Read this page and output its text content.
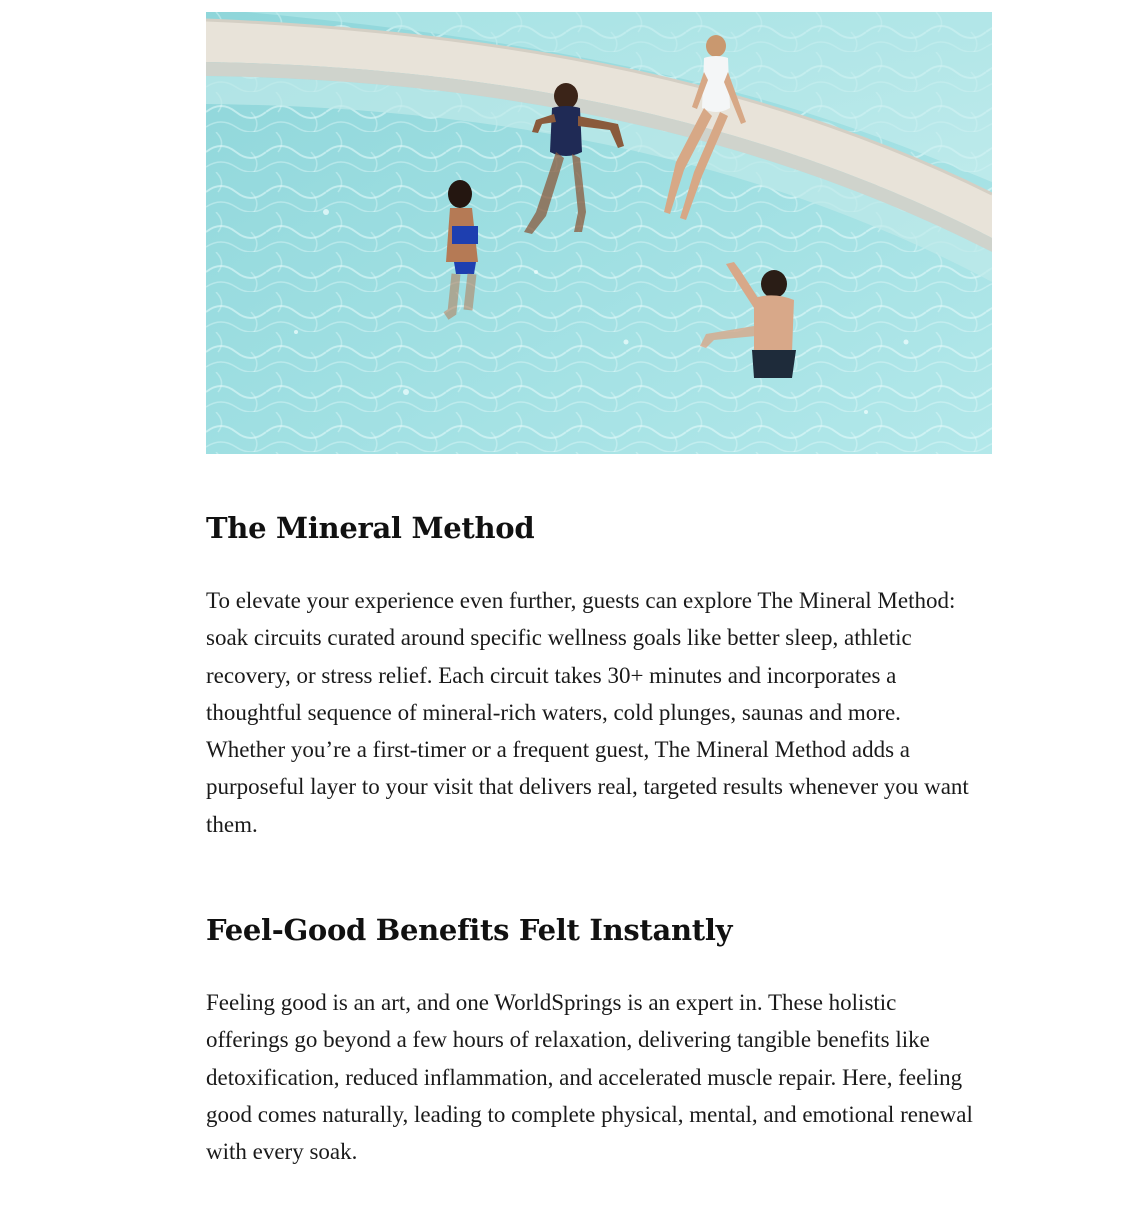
The Mineral Method

To elevate your experience even further, guests can explore The Mineral Method: soak circuits curated around specific wellness goals like better sleep, athletic recovery, or stress relief. Each circuit takes 30+ minutes and incorporates a thoughtful sequence of mineral-rich waters, cold plunges, saunas and more. Whether you’re a first-timer or a frequent guest, The Mineral Method adds a purposeful layer to your visit that delivers real, targeted results whenever you want them.

Feel-Good Benefits Felt Instantly

Feeling good is an art, and one WorldSprings is an expert in. These holistic offerings go beyond a few hours of relaxation, delivering tangible benefits like detoxification, reduced inflammation, and accelerated muscle repair. Here, feeling good comes naturally, leading to complete physical, mental, and emotional renewal with every soak.
